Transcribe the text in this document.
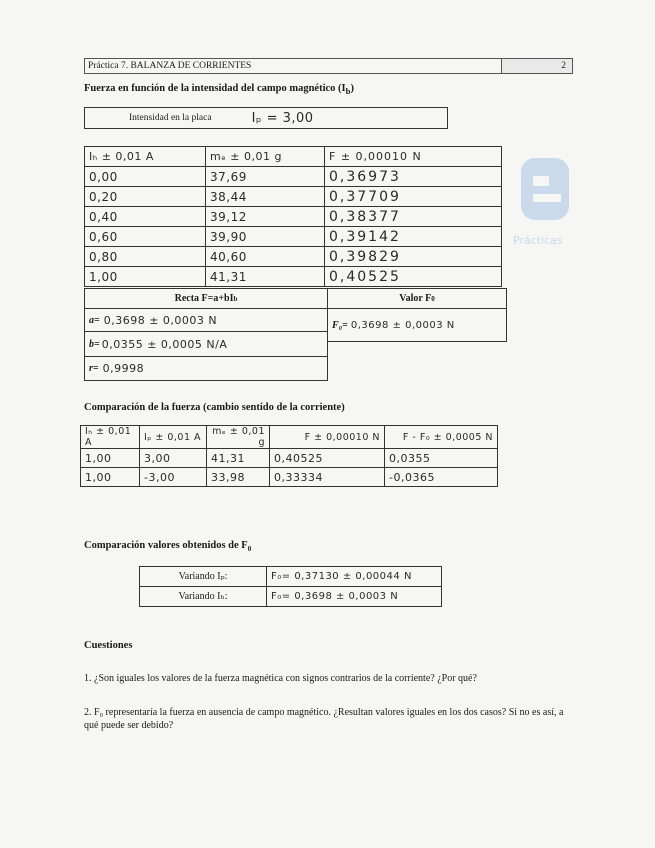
Práctica 7. BALANZA DE CORRIENTES	2
Fuerza en función de la intensidad del campo magnético $(I_b)$
Intensidad en la placa	Iₚ = 3,00
Iₕ ± 0,01 A	mₑ ± 0,01 g	F ± 0,00010 N
0,00	37,69	0,36973
0,20	38,44	0,37709
0,40	39,12	0,38377
0,60	39,90	0,39142
0,80	40,60	0,39829
1,00	41,31	0,40525
Recta F=a+bI b	Valor F 0
a= 0,3698 ± 0,0003 N	F₀= 0,3698 ± 0,0003 N
b= 0,0355 ± 0,0005 N/A
r= 0,9998
Prácticas
Comparación de la fuerza (cambio sentido de la corriente)
Iₕ ± 0,01 A	Iₚ ± 0,01 A	mₑ ± 0,01 g	F ± 0,00010 N	F - F₀ ± 0,0005 N
1,00	3,00	41,31	0,40525	0,0355
1,00	-3,00	33,98	0,33334	-0,0365
Comparación valores obtenidos de $F_0$
Variando Iₚ:	F₀= 0,37130 ± 0,00044 N
Variando Iₕ:	F₀= 0,3698 ± 0,0003 N
Cuestiones
1. ¿Son iguales los valores de la fuerza magnética con signos contrarios de la corriente? ¿Por qué?
2. F₀ representaría la fuerza en ausencia de campo magnético. ¿Resultan valores iguales en los dos casos? Si no es así, a qué puede ser debido?
